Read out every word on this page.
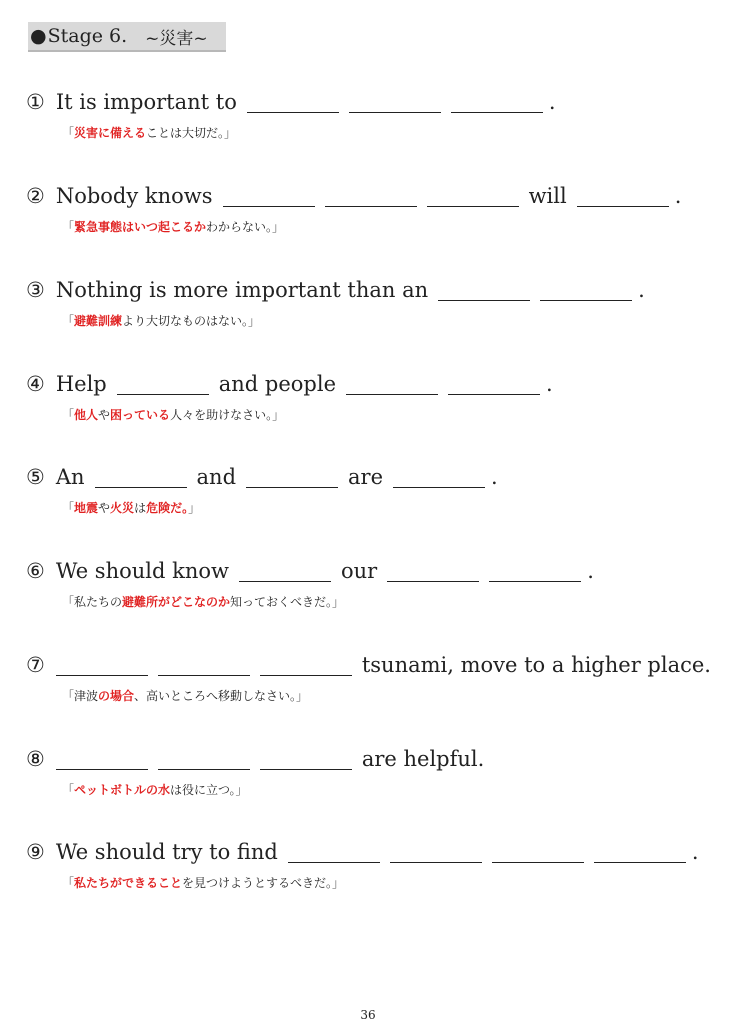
● Stage 6. ~災害~
① It is important to	.
「災害に備えることは大切だ。」
② Nobody knows	will	.
「緊急事態はいつ起こるかわからない。」
③ Nothing is more important than an	.
「避難訓練より大切なものはない。」
④ Help	and people	.
「他人や困っている人々を助けなさい。」
⑤ An	and	are	.
「地震や火災は危険だ。」
⑥ We should know	our	.
「私たちの避難所がどこなのか知っておくべきだ。」
⑦	tsunami, move to a higher place.
「津波の場合、高いところへ移動しなさい。」
⑧	are helpful.
「ペットボトルの水は役に立つ。」
⑨ We should try to find	.
「私たちができることを見つけようとするべきだ。」
36
